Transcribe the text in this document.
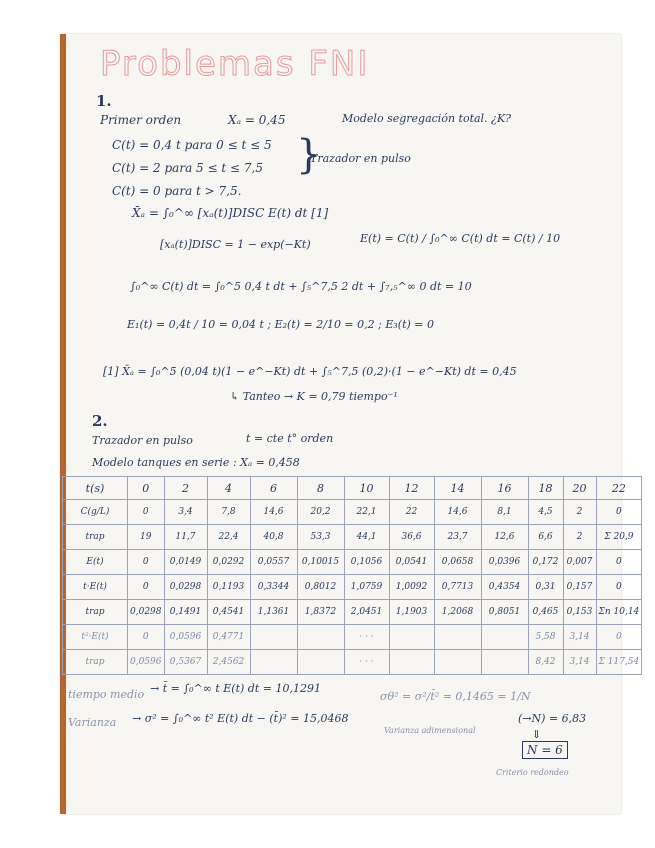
Problemas FNI
1.
Primer orden	Xₐ = 0,45	Modelo segregación total. ¿K?
C(t) = 0,4 t para 0 ≤ t ≤ 5
C(t) = 2 para 5 ≤ t ≤ 7,5
C(t) = 0 para t > 7,5.
}
Trazador en pulso
X̄ₐ = ∫₀^∞ [xₐ(t)]DISC E(t) dt [1]
[xₐ(t)]DISC = 1 − exp(−Kt)	E(t) = C(t) / ∫₀^∞ C(t) dt = C(t) / 10
∫₀^∞ C(t) dt = ∫₀^5 0,4 t dt + ∫₅^7,5 2 dt + ∫₇,₅^∞ 0 dt = 10
E₁(t) = 0,4t / 10 = 0,04 t ; E₂(t) = 2/10 = 0,2 ; E₃(t) = 0
[1] X̄ₐ = ∫₀^5 (0,04 t)(1 − e^−Kt) dt + ∫₅^7,5 (0,2)·(1 − e^−Kt) dt = 0,45
↳ Tanteo → K = 0,79 tiempo⁻¹
2.
Trazador en pulso	t = cte t° orden
Modelo tanques en serie : Xₐ = 0,458
t(s)	0	2	4	6	8	10	12	14	16	18	20	22
C(g/L)	0	3,4	7,8	14,6	20,2	22,1	22	14,6	8,1	4,5	2	0
trap	19	11,7	22,4	40,8	53,3	44,1	36,6	23,7	12,6	6,6	2	Σ 20,9
E(t)	0	0,0149	0,0292	0,0557	0,10015	0,1056	0,0541	0,0658	0,0396	0,172	0,007	0
t·E(t)	0	0,0298	0,1193	0,3344	0,8012	1,0759	1,0092	0,7713	0,4354	0,31	0,157	0
trap	0,0298	0,1491	0,4541	1,1361	1,8372	2,0451	1,1903	1,2068	0,8051	0,465	0,153	Σn 10,14
t²·E(t)	0	0,0596	0,4771			· · ·				5,58	3,14	0
trap	0,0596	0,5367	2,4562			· · ·				8,42	3,14	Σ 117,54
tiempo medio → t̄ = ∫₀^∞ t E(t) dt = 10,1291
Varianza → σ² = ∫₀^∞ t² E(t) dt − (t̄)² = 15,0468
σθ² = σ²/t̄² = 0,1465 = 1/N
Varianza adimensional
(→N) = 6,83
⇓
N = 6
Criterio redondeo
